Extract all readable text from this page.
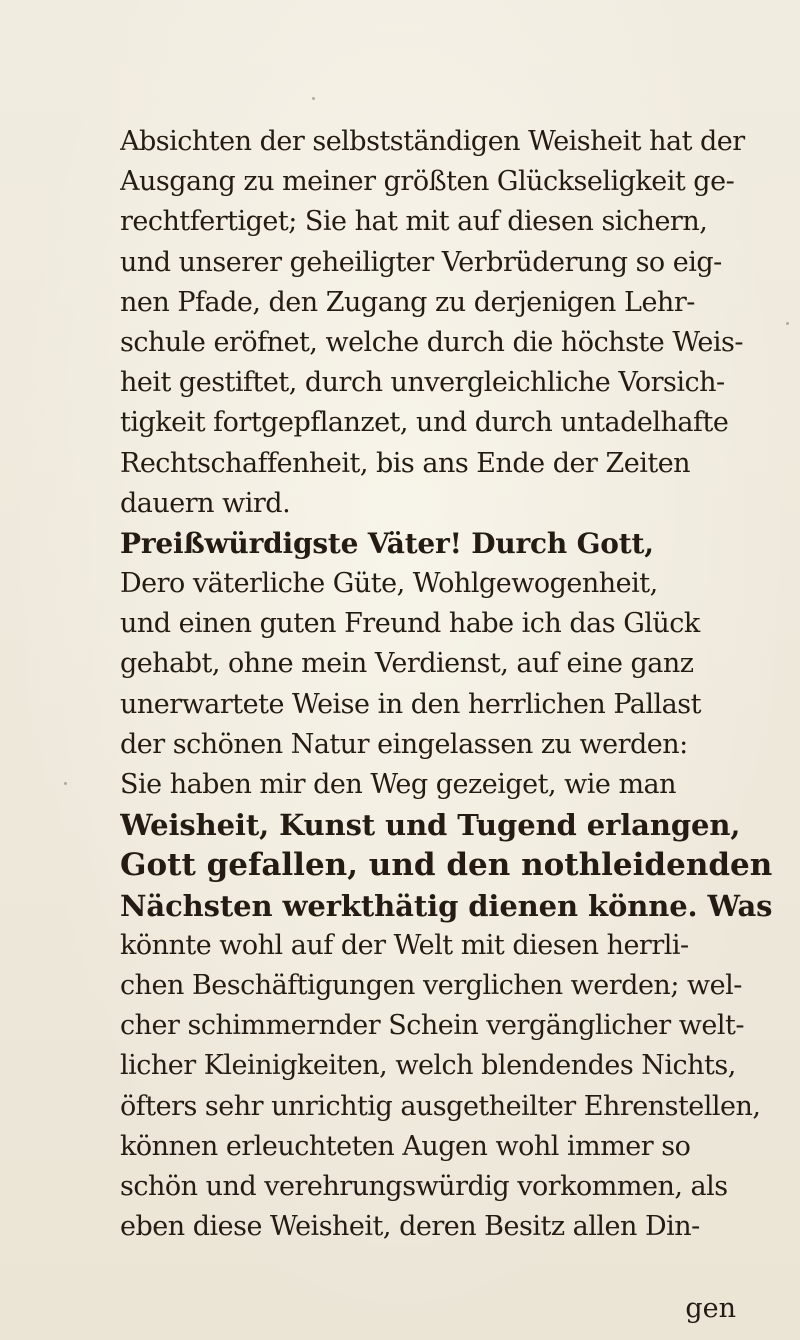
Absichten der selbstständigen Weisheit hat der
Ausgang zu meiner größten Glückseligkeit ge-
rechtfertiget; Sie hat mit auf diesen sichern,
und unserer geheiligter Verbrüderung so eig-
nen Pfade, den Zugang zu derjenigen Lehr-
schule eröfnet, welche durch die höchste Weis-
heit gestiftet, durch unvergleichliche Vorsich-
tigkeit fortgepflanzet, und durch untadelhafte
Rechtschaffenheit, bis ans Ende der Zeiten
dauern wird.
Preißwürdigste Väter! Durch Gott,
Dero väterliche Güte, Wohlgewogenheit,
und einen guten Freund habe ich das Glück
gehabt, ohne mein Verdienst, auf eine ganz
unerwartete Weise in den herrlichen Pallast
der schönen Natur eingelassen zu werden:
Sie haben mir den Weg gezeiget, wie man
Weisheit, Kunst und Tugend erlangen,
Gott gefallen, und den nothleidenden
Nächsten werkthätig dienen könne. Was
könnte wohl auf der Welt mit diesen herrli-
chen Beschäftigungen verglichen werden; wel-
cher schimmernder Schein vergänglicher welt-
licher Kleinigkeiten, welch blendendes Nichts,
öfters sehr unrichtig ausgetheilter Ehrenstellen,
können erleuchteten Augen wohl immer so
schön und verehrungswürdig vorkommen, als
eben diese Weisheit, deren Besitz allen Din-
gen
